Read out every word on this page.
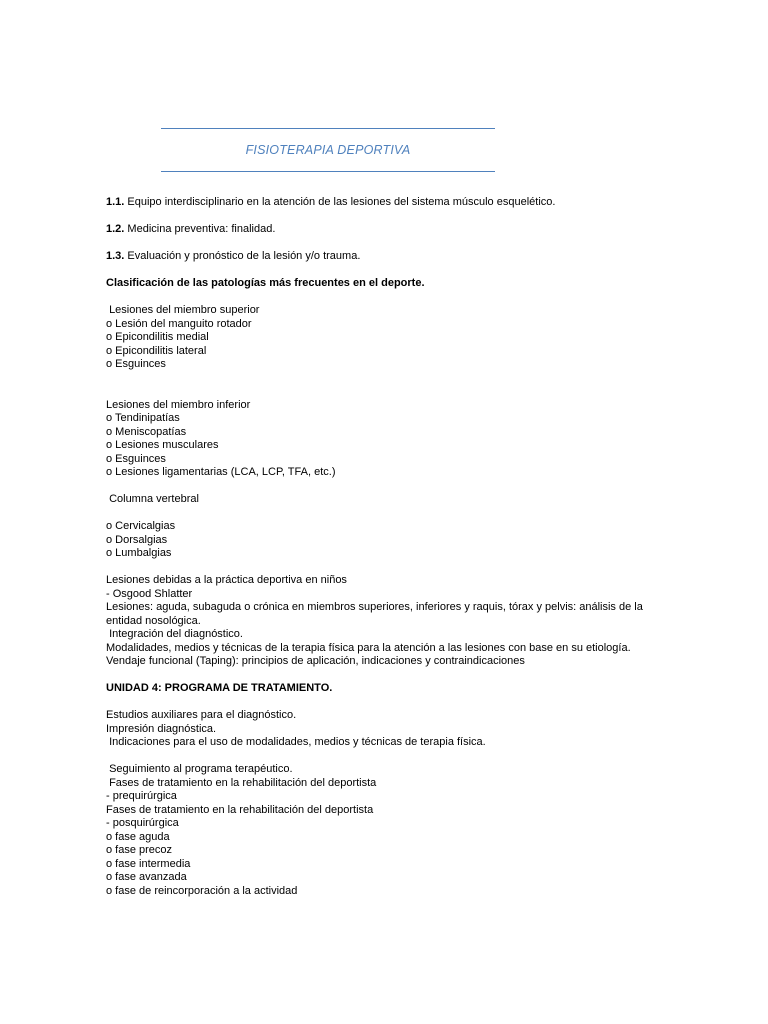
FISIOTERAPIA DEPORTIVA

1.1. Equipo interdisciplinario en la atención de las lesiones del sistema músculo esquelético.

1.2. Medicina preventiva: finalidad.

1.3. Evaluación y pronóstico de la lesión y/o trauma.

Clasificación de las patologías más frecuentes en el deporte.

Lesiones del miembro superior

o Lesión del manguito rotador

o Epicondilitis medial

o Epicondilitis lateral

o Esguinces

Lesiones del miembro inferior

o Tendinipatías

o Meniscopatías

o Lesiones musculares

o Esguinces

o Lesiones ligamentarias (LCA, LCP, TFA, etc.)

Columna vertebral

o Cervicalgias

o Dorsalgias

o Lumbalgias

Lesiones debidas a la práctica deportiva en niños

- Osgood Shlatter

Lesiones: aguda, subaguda o crónica en miembros superiores, inferiores y raquis, tórax y pelvis: análisis de la

entidad nosológica.

Integración del diagnóstico.

Modalidades, medios y técnicas de la terapia física para la atención a las lesiones con base en su etiología.

Vendaje funcional (Taping): principios de aplicación, indicaciones y contraindicaciones

UNIDAD 4: PROGRAMA DE TRATAMIENTO.

Estudios auxiliares para el diagnóstico.

Impresión diagnóstica.

Indicaciones para el uso de modalidades, medios y técnicas de terapia física.

Seguimiento al programa terapéutico.

Fases de tratamiento en la rehabilitación del deportista

- prequirúrgica

Fases de tratamiento en la rehabilitación del deportista

- posquirúrgica

o fase aguda

o fase precoz

o fase intermedia

o fase avanzada

o fase de reincorporación a la actividad
